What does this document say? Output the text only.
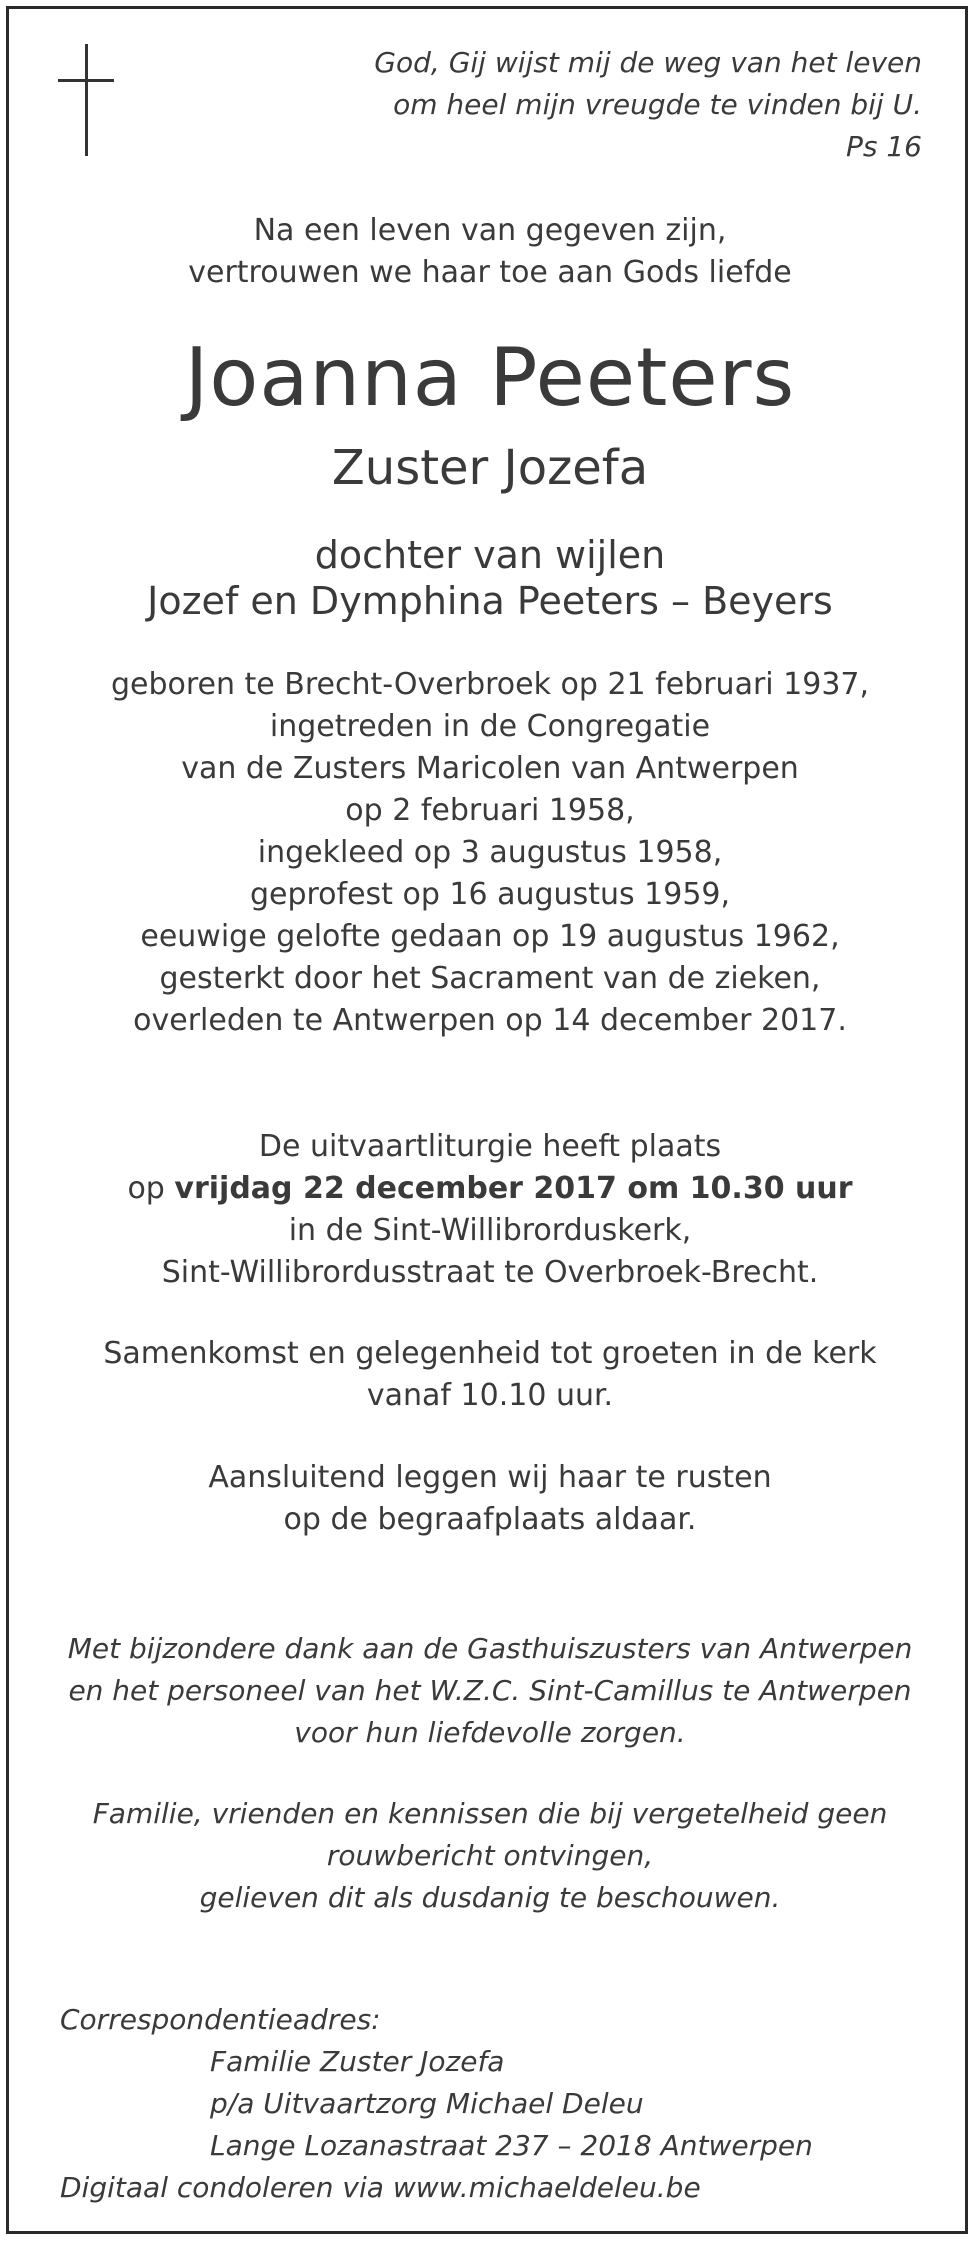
God, Gij wijst mij de weg van het leven
om heel mijn vreugde te vinden bij U.
Ps 16
Na een leven van gegeven zijn,
vertrouwen we haar toe aan Gods liefde
Joanna Peeters
Zuster Jozefa
dochter van wijlen
Jozef en Dymphina Peeters – Beyers
geboren te Brecht-Overbroek op 21 februari 1937,
ingetreden in de Congregatie
van de Zusters Maricolen van Antwerpen
op 2 februari 1958,
ingekleed op 3 augustus 1958,
geprofest op 16 augustus 1959,
eeuwige gelofte gedaan op 19 augustus 1962,
gesterkt door het Sacrament van de zieken,
overleden te Antwerpen op 14 december 2017.
De uitvaartliturgie heeft plaats
op vrijdag 22 december 2017 om 10.30 uur
in de Sint-Willibrorduskerk,
Sint-Willibrordusstraat te Overbroek-Brecht.
Samenkomst en gelegenheid tot groeten in de kerk
vanaf 10.10 uur.
Aansluitend leggen wij haar te rusten
op de begraafplaats aldaar.
Met bijzondere dank aan de Gasthuiszusters van Antwerpen
en het personeel van het W.Z.C. Sint-Camillus te Antwerpen
voor hun liefdevolle zorgen.
Familie, vrienden en kennissen die bij vergetelheid geen
rouwbericht ontvingen,
gelieven dit als dusdanig te beschouwen.
Correspondentieadres:
Familie Zuster Jozefa
p/a Uitvaartzorg Michael Deleu
Lange Lozanastraat 237 – 2018 Antwerpen
Digitaal condoleren via www.michaeldeleu.be
